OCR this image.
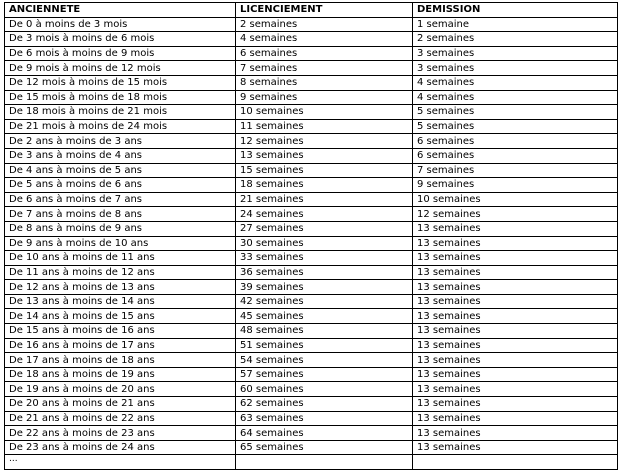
ANCIENNETE	LICENCIEMENT	DEMISSION
De 0 à moins de 3 mois	2 semaines	1 semaine
De 3 mois à moins de 6 mois	4 semaines	2 semaines
De 6 mois à moins de 9 mois	6 semaines	3 semaines
De 9 mois à moins de 12 mois	7 semaines	3 semaines
De 12 mois à moins de 15 mois	8 semaines	4 semaines
De 15 mois à moins de 18 mois	9 semaines	4 semaines
De 18 mois à moins de 21 mois	10 semaines	5 semaines
De 21 mois à moins de 24 mois	11 semaines	5 semaines
De 2 ans à moins de 3 ans	12 semaines	6 semaines
De 3 ans à moins de 4 ans	13 semaines	6 semaines
De 4 ans à moins de 5 ans	15 semaines	7 semaines
De 5 ans à moins de 6 ans	18 semaines	9 semaines
De 6 ans à moins de 7 ans	21 semaines	10 semaines
De 7 ans à moins de 8 ans	24 semaines	12 semaines
De 8 ans à moins de 9 ans	27 semaines	13 semaines
De 9 ans à moins de 10 ans	30 semaines	13 semaines
De 10 ans à moins de 11 ans	33 semaines	13 semaines
De 11 ans à moins de 12 ans	36 semaines	13 semaines
De 12 ans à moins de 13 ans	39 semaines	13 semaines
De 13 ans à moins de 14 ans	42 semaines	13 semaines
De 14 ans à moins de 15 ans	45 semaines	13 semaines
De 15 ans à moins de 16 ans	48 semaines	13 semaines
De 16 ans à moins de 17 ans	51 semaines	13 semaines
De 17 ans à moins de 18 ans	54 semaines	13 semaines
De 18 ans à moins de 19 ans	57 semaines	13 semaines
De 19 ans à moins de 20 ans	60 semaines	13 semaines
De 20 ans à moins de 21 ans	62 semaines	13 semaines
De 21 ans à moins de 22 ans	63 semaines	13 semaines
De 22 ans à moins de 23 ans	64 semaines	13 semaines
De 23 ans à moins de 24 ans	65 semaines	13 semaines
...		
